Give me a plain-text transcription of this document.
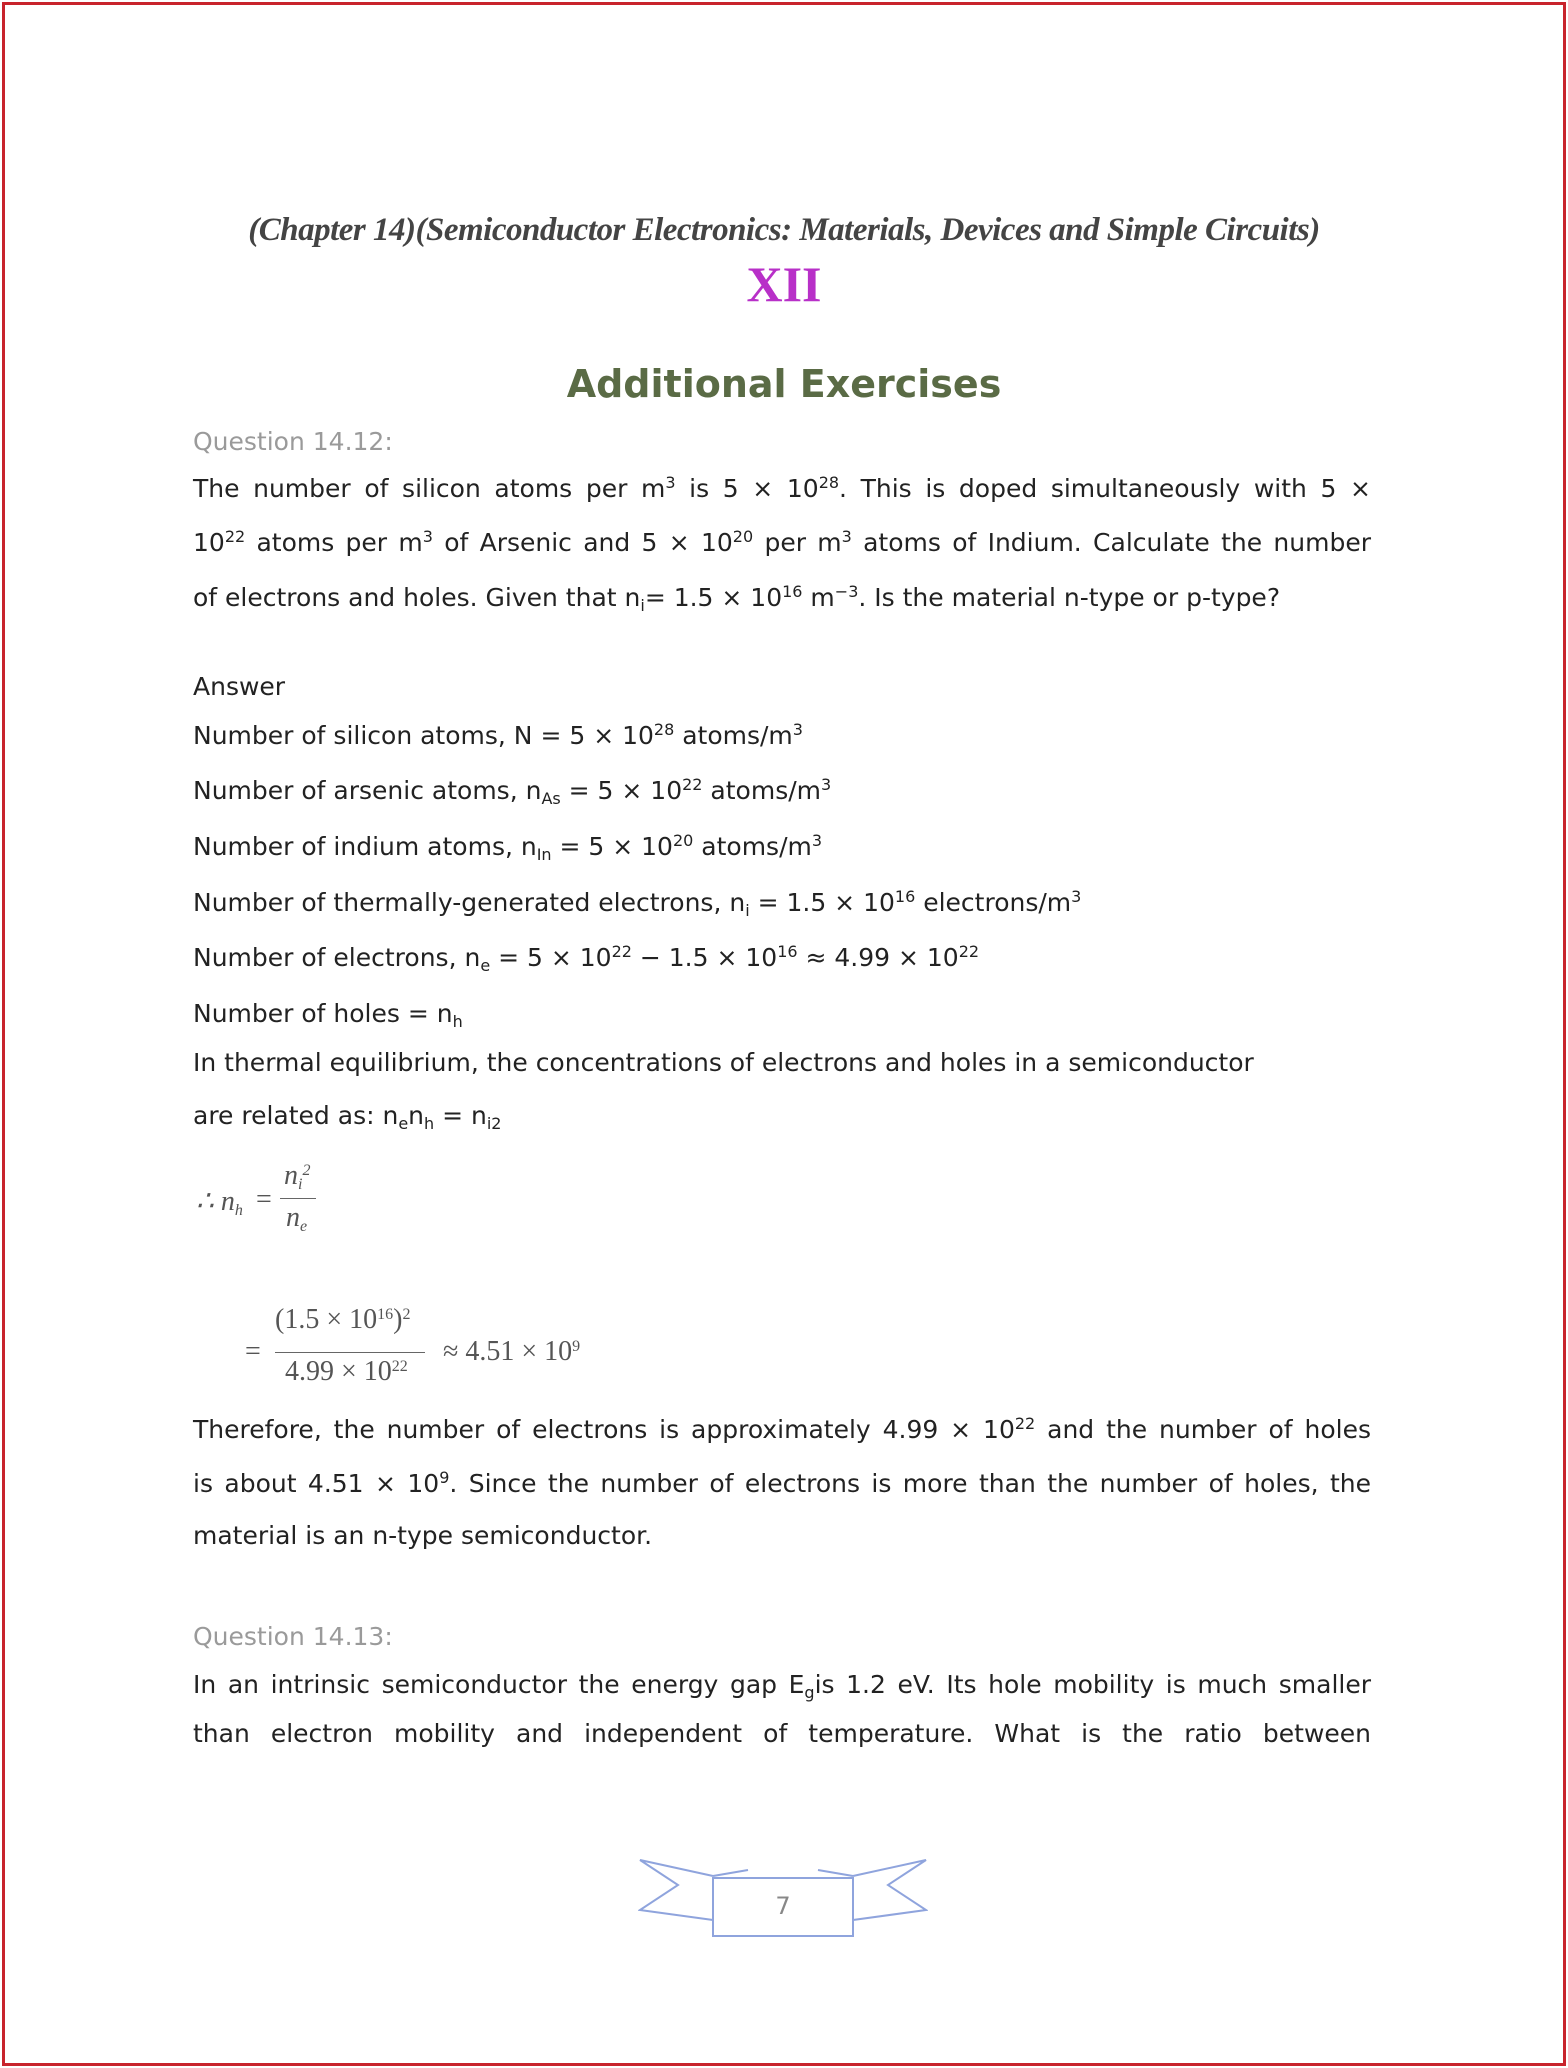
(Chapter 14)(Semiconductor Electronics: Materials, Devices and Simple Circuits)
XII
Additional Exercises
Question 14.12:
The number of silicon atoms per $m^3$ is $5 \times 10^{28}$. This is doped simultaneously with 5 ×
$10^{22}$ atoms per $m^3$ of Arsenic and $5 \times 10^{20}$ per $m^3$ atoms of Indium. Calculate the number
of electrons and holes. Given that $n_i= 1.5 \times 10^{16}$ $m^{-3}$. Is the material n-type or p-type?
Answer
Number of silicon atoms, $N = 5 \times 10^{28}$ atoms/$m^3$
Number of arsenic atoms, $n_{As} = 5 \times 10^{22}$ atoms/$m^3$
Number of indium atoms, $n_{In} = 5 \times 10^{20}$ atoms/$m^3$
Number of thermally-generated electrons, $n_i = 1.5 \times 10^{16}$ electrons/$m^3$
Number of electrons, $n_e = 5 \times 10^{22} - 1.5 \times 10^{16} \approx 4.99 \times 10^{22}$
Number of holes = $n_h$
In thermal equilibrium, the concentrations of electrons and holes in a semiconductor
are related as: $n_en_h = n_{i2}$
∴ $n_h$ =
$n_i^2$
$n_e$
=
$(1.5 \times 10^{16})^2$
$4.99 \times 10^{22} \approx 4.51 \times 10^9$
Therefore, the number of electrons is approximately $4.99 \times 10^{22}$ and the number of holes
is about $4.51 \times 10^9$. Since the number of electrons is more than the number of holes, the
material is an n-type semiconductor.
Question 14.13:
In an intrinsic semiconductor the energy gap $E_gis$ 1.2 eV. Its hole mobility is much smaller
than electron mobility and independent of temperature. What is the ratio between
7
